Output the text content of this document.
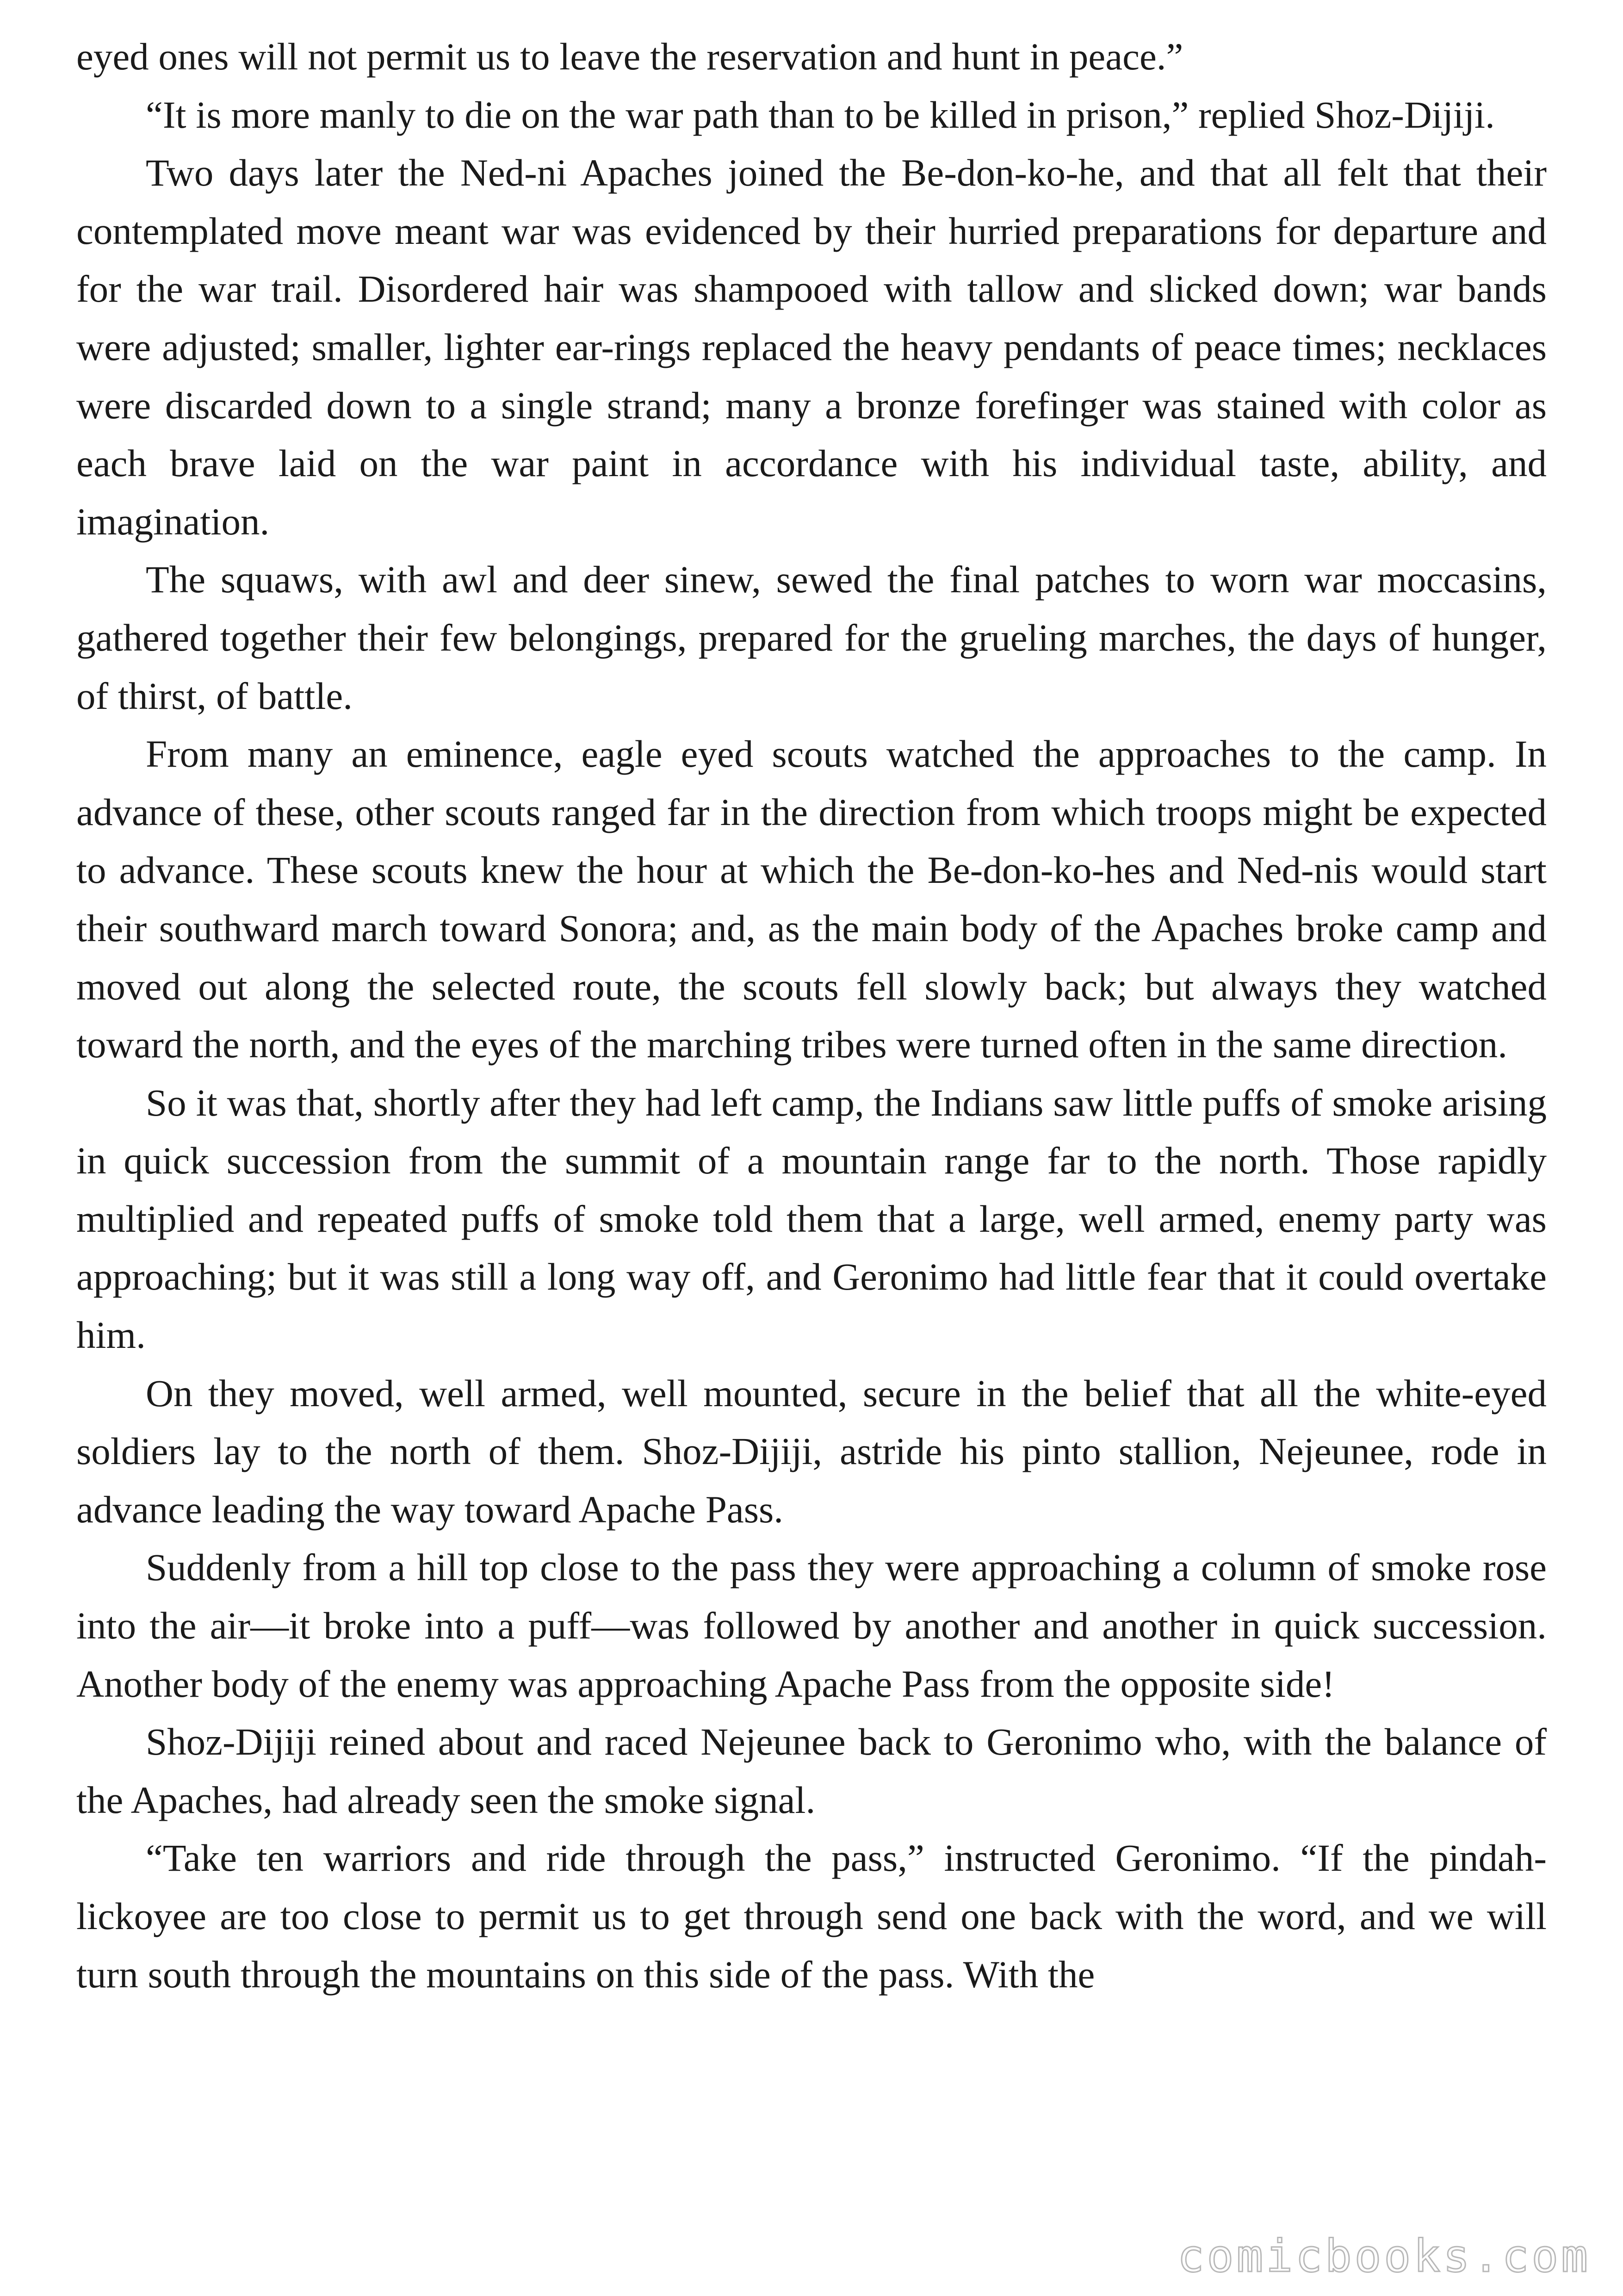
eyed ones will not permit us to leave the reservation and hunt in peace.”

“It is more manly to die on the war path than to be killed in prison,” replied Shoz-Dijiji.

Two days later the Ned-ni Apaches joined the Be-don-ko-he, and that all felt that their contemplated move meant war was evidenced by their hurried preparations for departure and for the war trail. Disordered hair was shampooed with tallow and slicked down; war bands were adjusted; smaller, lighter ear-rings replaced the heavy pendants of peace times; necklaces were discarded down to a single strand; many a bronze forefinger was stained with color as each brave laid on the war paint in accordance with his individual taste, ability, and imagination.

The squaws, with awl and deer sinew, sewed the final patches to worn war moccasins, gathered together their few belongings, prepared for the grueling marches, the days of hunger, of thirst, of battle.

From many an eminence, eagle eyed scouts watched the approaches to the camp. In advance of these, other scouts ranged far in the direction from which troops might be expected to advance. These scouts knew the hour at which the Be-don-ko-hes and Ned-nis would start their southward march toward Sonora; and, as the main body of the Apaches broke camp and moved out along the selected route, the scouts fell slowly back; but always they watched toward the north, and the eyes of the marching tribes were turned often in the same direction.

So it was that, shortly after they had left camp, the Indians saw little puffs of smoke arising in quick succession from the summit of a mountain range far to the north. Those rapidly multiplied and repeated puffs of smoke told them that a large, well armed, enemy party was approaching; but it was still a long way off, and Geronimo had little fear that it could overtake him.

On they moved, well armed, well mounted, secure in the belief that all the white-eyed soldiers lay to the north of them. Shoz-Dijiji, astride his pinto stallion, Nejeunee, rode in advance leading the way toward Apache Pass.

Suddenly from a hill top close to the pass they were approaching a column of smoke rose into the air—it broke into a puff—was followed by another and another in quick succession. Another body of the enemy was approaching Apache Pass from the opposite side!

Shoz-Dijiji reined about and raced Nejeunee back to Geronimo who, with the balance of the Apaches, had already seen the smoke signal.

“Take ten warriors and ride through the pass,” instructed Geronimo. “If the pindah-lickoyee are too close to permit us to get through send one back with the word, and we will turn south through the mountains on this side of the pass. With the

comicbooks.com
